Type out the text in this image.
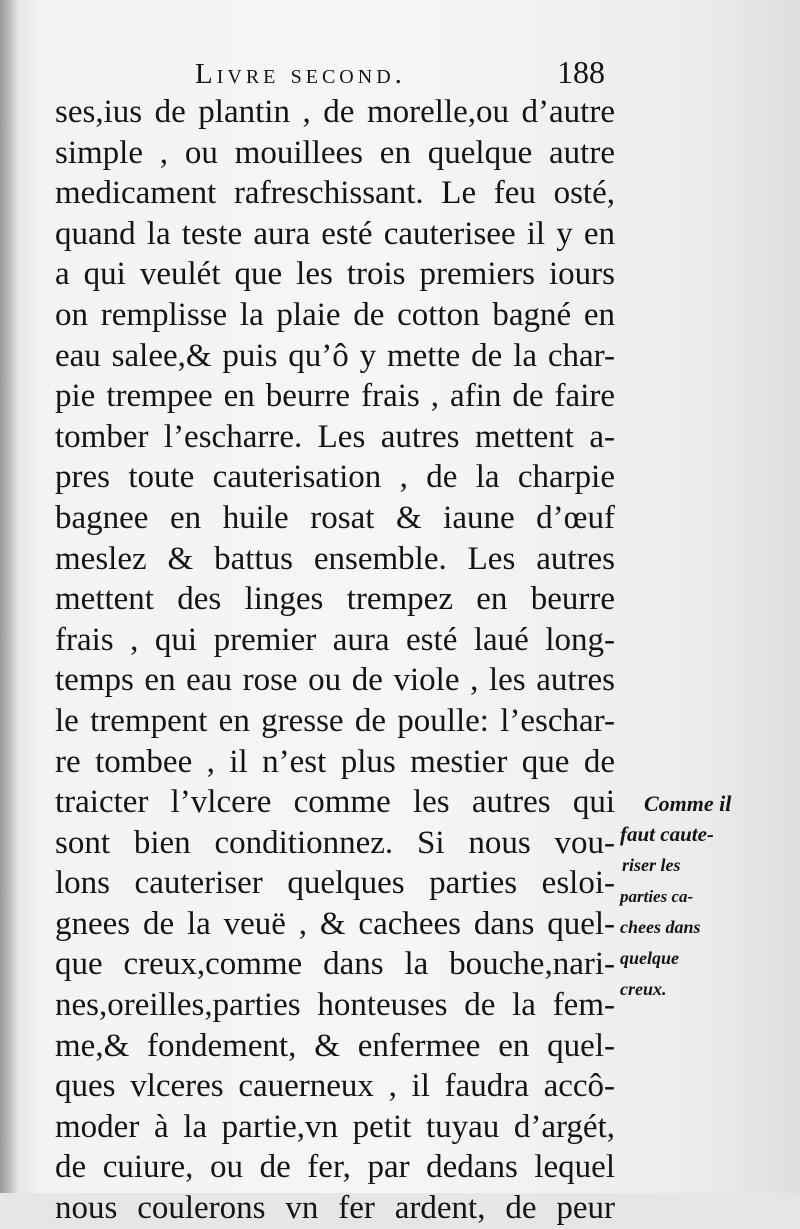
Livre second.	188
ses,ius de plantin , de morelle,ou d’autre
simple , ou mouillees en quelque autre
medicament rafreschissant. Le feu osté,
quand la teste aura esté cauterisee il y en
a qui veulét que les trois premiers iours
on remplisse la plaie de cotton bagné en
eau salee,& puis qu’ô y mette de la char-
pie trempee en beurre frais , afin de faire
tomber l’escharre. Les autres mettent a-
pres toute cauterisation , de la charpie
bagnee en huile rosat & iaune d’œuf
meslez & battus ensemble. Les autres
mettent des linges trempez en beurre
frais , qui premier aura esté laué long-
temps en eau rose ou de viole , les autres
le trempent en gresse de poulle: l’eschar-
re tombee , il n’est plus mestier que de
traicter l’vlcere comme les autres qui
sont bien conditionnez. Si nous vou-
lons cauteriser quelques parties esloi-
gnees de la veuë , & cachees dans quel-
que creux,comme dans la bouche,nari-
nes,oreilles,parties honteuses de la fem-
me,& fondement, & enfermee en quel-
ques vlceres cauerneux , il faudra accô-
moder à la partie,vn petit tuyau d’argét,
de cuiure, ou de fer, par dedans lequel
nous coulerons vn fer ardent, de peur
Comme il
faut caute-
riser les
parties ca-
chees dans
quelque
creux.
